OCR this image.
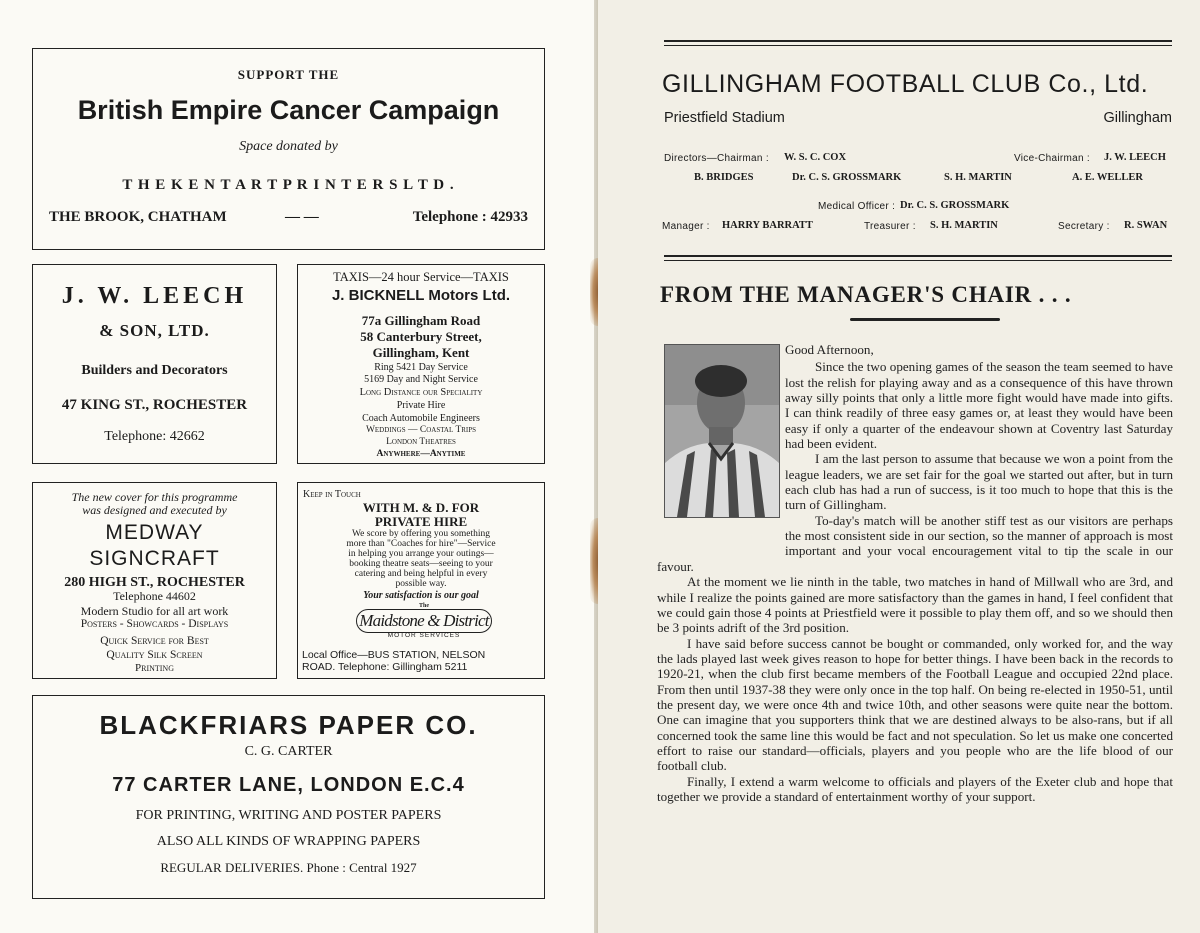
SUPPORT THE
British Empire Cancer Campaign
Space donated by
T H E K E N T A R T P R I N T E R S L T D .
THE BROOK, CHATHAM	— —	Telephone : 42933
J. W. LEECH
& SON, LTD.
Builders and Decorators
47 KING ST., ROCHESTER
Telephone: 42662
TAXIS—24 hour Service—TAXIS
J. BICKNELL Motors Ltd.
77a Gillingham Road
58 Canterbury Street,
Gillingham, Kent
Ring 5421 Day Service
5169 Day and Night Service
Long Distance our Speciality
Private Hire
Coach Automobile Engineers
Weddings — Coastal Trips
London Theatres
Anywhere—Anytime
The new cover for this programme
was designed and executed by
MEDWAY
SIGNCRAFT
280 HIGH ST., ROCHESTER
Telephone 44602
Modern Studio for all art work
Posters - Showcards - Displays
Quick Service for Best
Quality Silk Screen
Printing
Keep in Touch
WITH M. & D. FOR
PRIVATE HIRE
We score by offering you something
more than "Coaches for hire"—Service
in helping you arrange your outings—
booking theatre seats—seeing to your
catering and being helpful in every
possible way.
Your satisfaction is our goal
The
Maidstone & District
MOTOR SERVICES
Local Office—BUS STATION, NELSON
ROAD. Telephone: Gillingham 5211
BLACKFRIARS PAPER CO.
C. G. CARTER
77 CARTER LANE, LONDON E.C.4
FOR PRINTING, WRITING AND POSTER PAPERS
ALSO ALL KINDS OF WRAPPING PAPERS
REGULAR DELIVERIES. Phone : Central 1927
GILLINGHAM FOOTBALL CLUB Co., Ltd.
Priestfield Stadium	Gillingham
Directors—Chairman : W. S. C. COX	Vice-Chairman : J. W. LEECH
B. BRIDGES	Dr. C. S. GROSSMARK	S. H. MARTIN	A. E. WELLER
Medical Officer : Dr. C. S. GROSSMARK
Manager : HARRY BARRATT	Treasurer : S. H. MARTIN	Secretary : R. SWAN
FROM THE MANAGER'S CHAIR . . .
Good Afternoon,

Since the two opening games of the season the team seemed to have lost the relish for playing away and as a consequence of this have thrown away silly points that only a little more fight would have made into gifts. I can think readily of three easy games or, at least they would have been easy if only a quarter of the endeavour shown at Coventry last Saturday had been evident.

I am the last person to assume that because we won a point from the league leaders, we are set fair for the goal we started out after, but in turn each club has had a run of success, is it too much to hope that this is the turn of Gillingham.

To-day's match will be another stiff test as our visitors are perhaps the most consistent side in our section, so the manner of approach is most important and your vocal encouragement vital to tip the scale in our favour.

At the moment we lie ninth in the table, two matches in hand of Millwall who are 3rd, and while I realize the points gained are more satisfactory than the games in hand, I feel confident that we could gain those 4 points at Priestfield were it possible to play them off, and so we should then be 3 points adrift of the 3rd position.

I have said before success cannot be bought or commanded, only worked for, and the way the lads played last week gives reason to hope for better things. I have been back in the records to 1920-21, when the club first became members of the Football League and occupied 22nd place. From then until 1937-38 they were only once in the top half. On being re-elected in 1950-51, until the present day, we were once 4th and twice 10th, and other seasons were quite near the bottom. One can imagine that you supporters think that we are destined always to be also-rans, but if all concerned took the same line this would be fact and not speculation. So let us make one concerted effort to raise our standard—officials, players and you people who are the life blood of our football club.

Finally, I extend a warm welcome to officials and players of the Exeter club and hope that together we provide a standard of entertainment worthy of your support.
